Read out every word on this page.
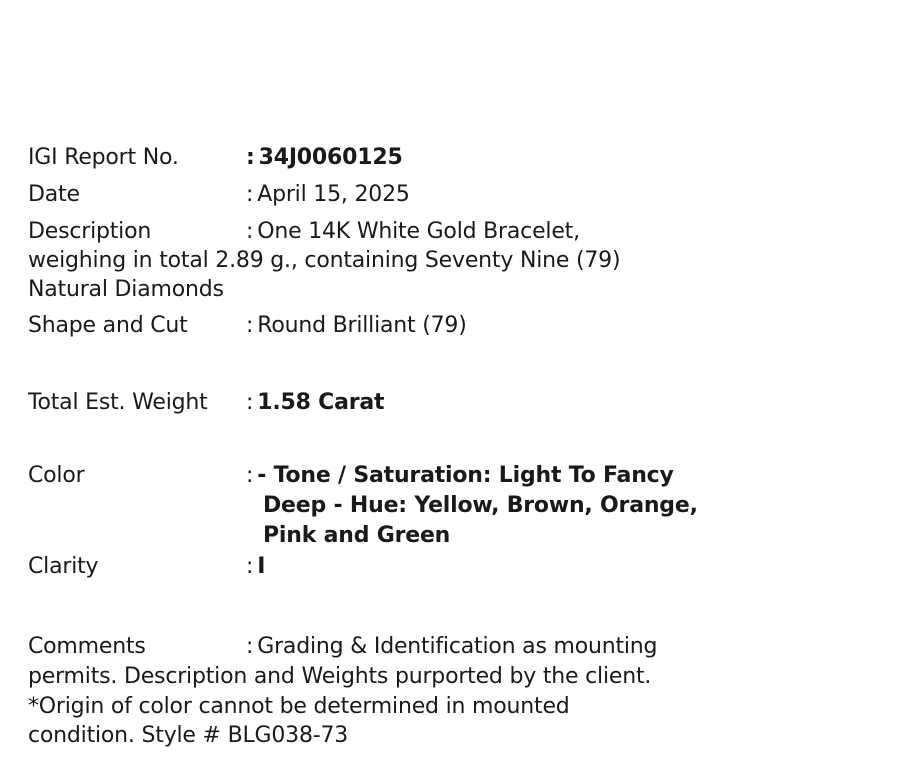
IGI Report No.	: 34J0060125
Date	: April 15, 2025
Description	: One 14K White Gold Bracelet,
weighing in total 2.89 g., containing Seventy Nine (79)
Natural Diamonds
Shape and Cut	: Round Brilliant (79)
Total Est. Weight : 1.58 Carat
Color	: - Tone / Saturation: Light To Fancy
Deep - Hue: Yellow, Brown, Orange,
Pink and Green
Clarity	: I
Comments	: Grading & Identification as mounting
permits. Description and Weights purported by the client.
*Origin of color cannot be determined in mounted
condition. Style # BLG038-73
